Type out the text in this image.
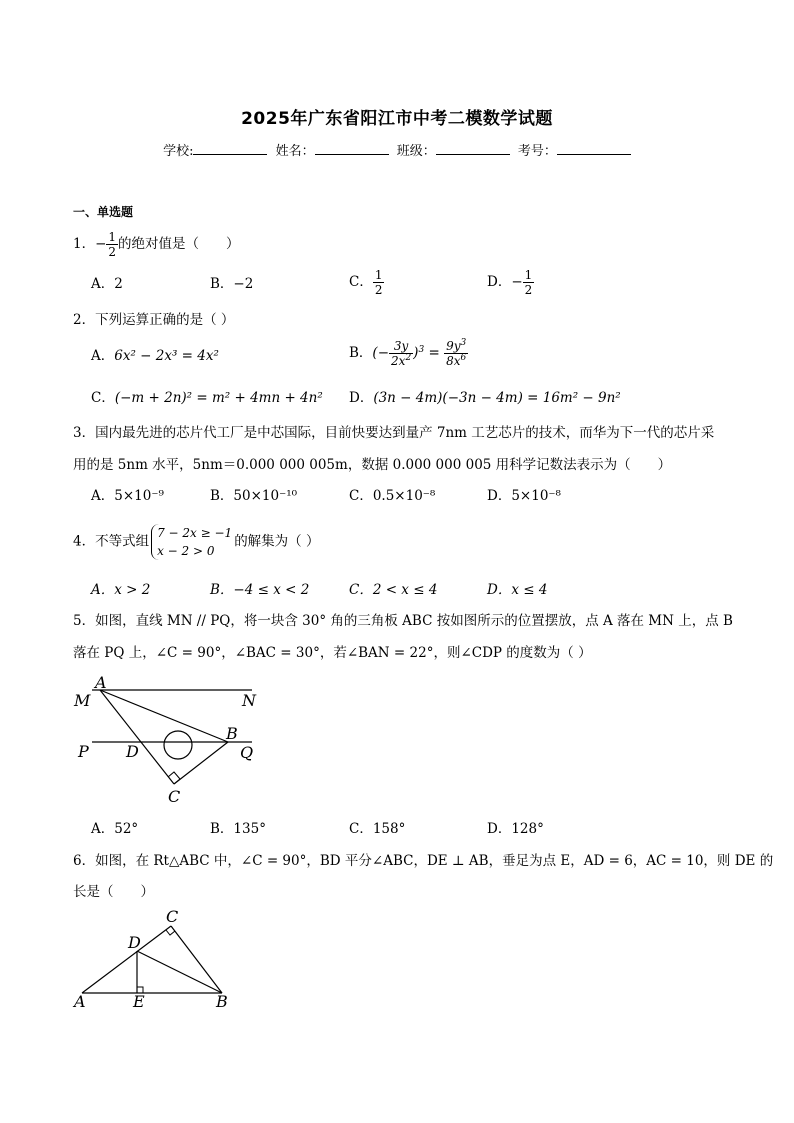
2025年广东省阳江市中考二模数学试题
学校:	姓名：	班级：	考号：
一、单选题
1．− $\frac{1}{2}$ 的绝对值是（　　）
A．2	B．−2	C． $\frac{1}{2}$	D．− $\frac{1}{2}$
2．下列运算正确的是（ ）
A．6x² − 2x³ = 4x²	B．(− $\frac{3y}{2x^2} )^3 = \frac{9y^3}{8x^6}$
C．(−m + 2n)² = m² + 4mn + 4n² D．(3n − 4m)(−3n − 4m) = 16m² − 9n²
3．国内最先进的芯片代工厂是中芯国际，目前快要达到量产 7nm 工艺芯片的技术，而华为下一代的芯片采
用的是 5nm 水平，5nm＝0.000 000 005m，数据 0.000 000 005 用科学记数法表示为（　　）
A．5×10⁻⁹	B．50×10⁻¹⁰	C．0.5×10⁻⁸	D．5×10⁻⁸
4．不等式组
7 − 2x ≥ −1
x − 2 > 0
的解集为（ ）
A．x > 2	B．−4 ≤ x < 2	C．2 < x ≤ 4	D．x ≤ 4
5．如图，直线 MN // PQ，将一块含 30° 角的三角板 ABC 按如图所示的位置摆放，点 A 落在 MN 上，点 B
落在 PQ 上，∠C = 90°，∠BAC = 30°，若∠BAN = 22°，则∠CDP 的度数为（ ）
A
M	N
P D
B
Q
C
A．52°	B．135°	C．158°	D．128°
6．如图，在 Rt△ABC 中，∠C = 90°，BD 平分∠ABC，DE ⊥ AB，垂足为点 E，AD = 6，AC = 10，则 DE 的
长是（　　）
C
D
A	E	B
